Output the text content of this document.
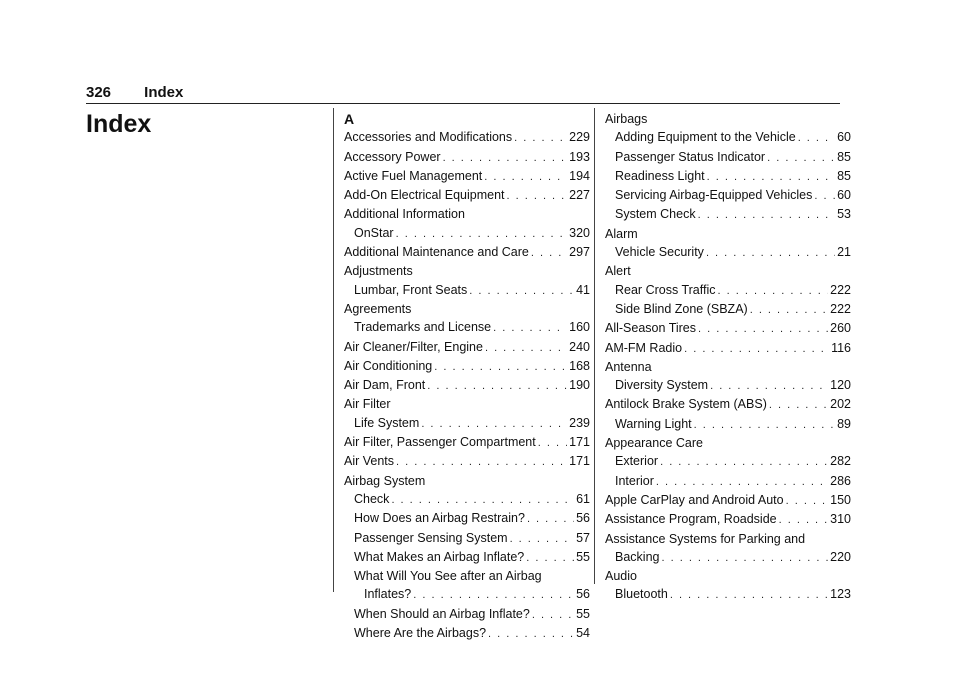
326 Index
Index	A
Accessories and Modifications . . .	229
Accessory Power . . .	193
Active Fuel Management . . .	194
Add-On Electrical Equipment . . .	227
Additional Information
OnStar . . .	320
Additional Maintenance and Care . . .	297
Adjustments
Lumbar, Front Seats . . .	41
Agreements
Trademarks and License . . .	160
Air Cleaner/Filter, Engine . . .	240
Air Conditioning . . .	168
Air Dam, Front . . .	190
Air Filter
Life System . . .	239
Air Filter, Passenger Compartment . . .	171
Air Vents . . .	171
Airbag System
Check . . .	61
How Does an Airbag Restrain? . . .	56
Passenger Sensing System . . .	57
What Makes an Airbag Inflate? . . .	55
What Will You See after an Airbag
Inflates? . . .	56
When Should an Airbag Inflate? . . .	55
Where Are the Airbags? . . .	54
Airbags
Adding Equipment to the Vehicle . . .	60
Passenger Status Indicator . . .	85
Readiness Light . . .	85
Servicing Airbag-Equipped Vehicles . . . 60
System Check . . .	53
Alarm
Vehicle Security . . .	21
Alert
Rear Cross Traffic . . .	222
Side Blind Zone (SBZA) . . .	222
All-Season Tires . . .	260
AM-FM Radio . . .	116
Antenna
Diversity System . . .	120
Antilock Brake System (ABS) . . .	202
Warning Light . . .	89
Appearance Care
Exterior . . .	282
Interior . . .	286
Apple CarPlay and Android Auto . . .	150
Assistance Program, Roadside . . .	310
Assistance Systems for Parking and
Backing . . .	220
Audio
Bluetooth . . .	123
